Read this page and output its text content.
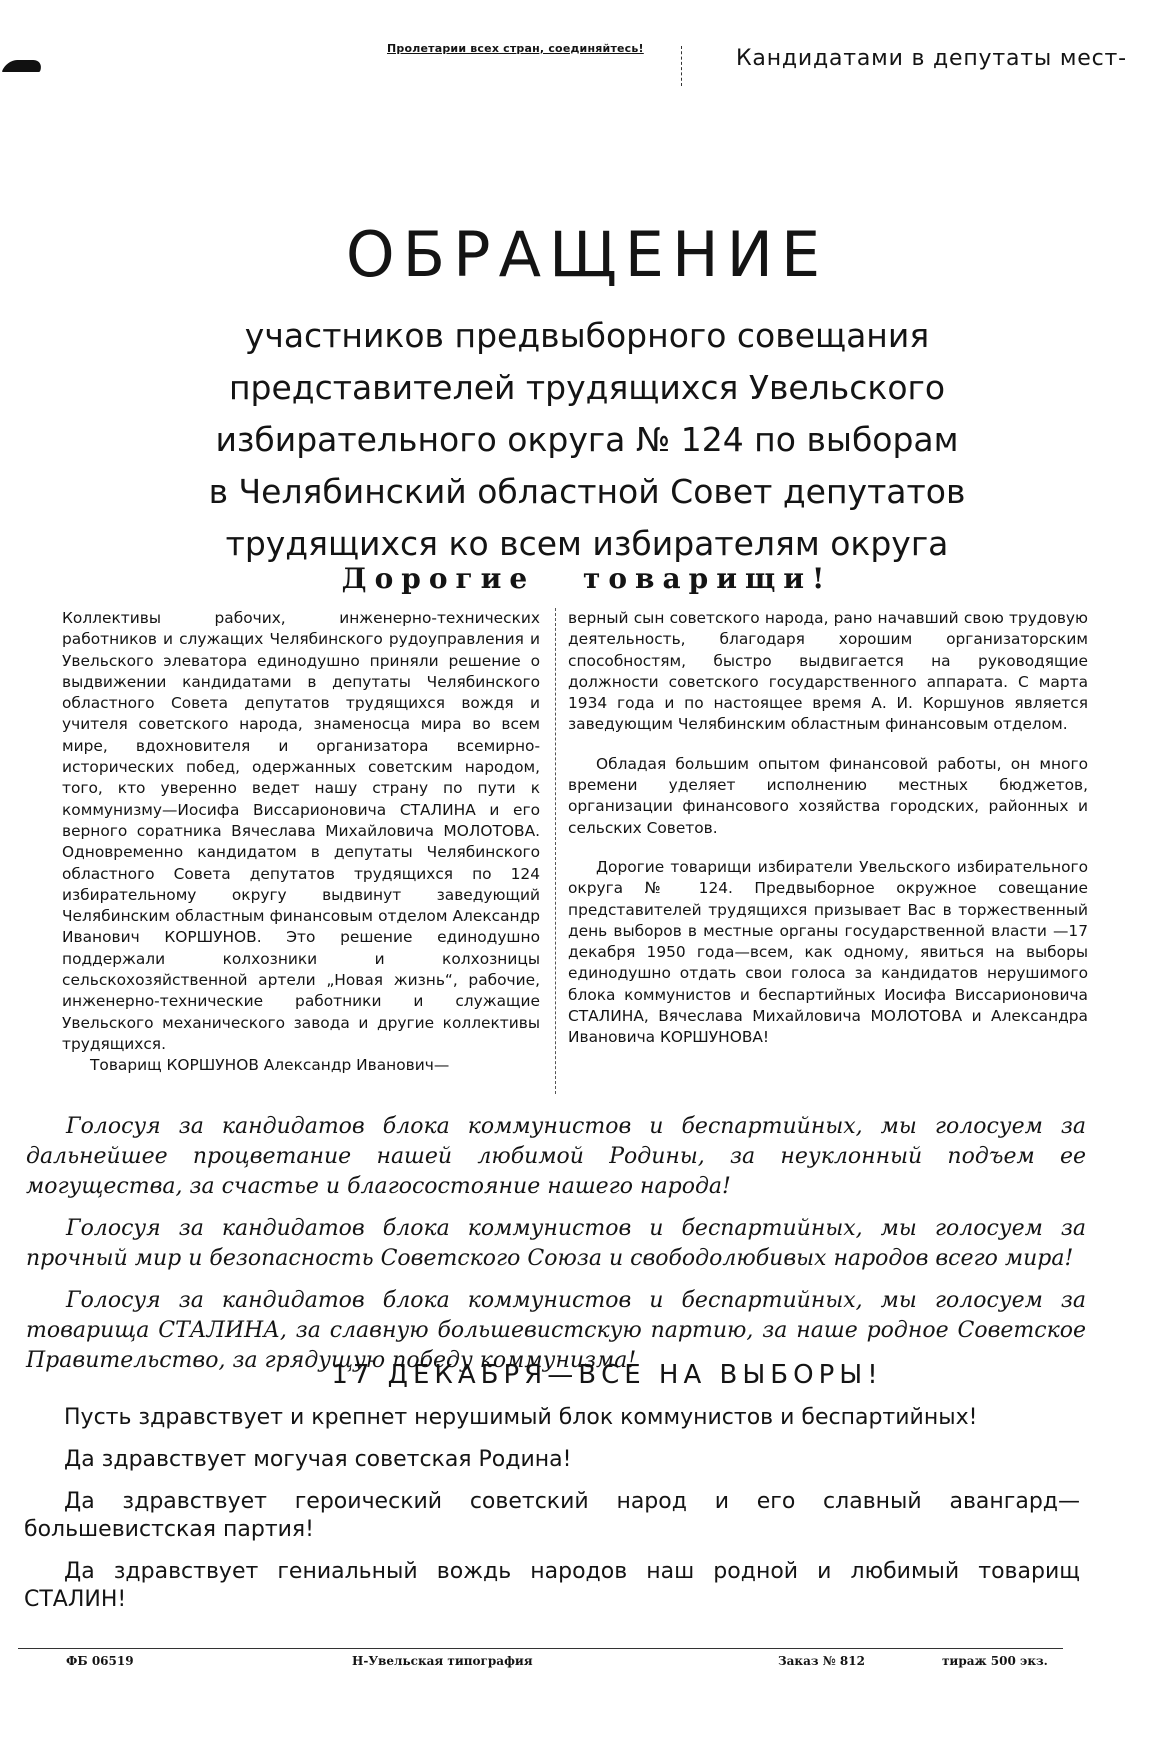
Пролетарии всех стран, соединяйтесь!	Кандидатами в депутаты мест-
ОБРАЩЕНИЕ
участников предвыборного совещания
представителей трудящихся Увельского
избирательного округа № 124 по выборам
в Челябинский областной Совет депутатов
трудящихся ко всем избирателям округа
Дорогие товарищи!

Коллективы рабочих, инженерно-технических работников и служащих Челябинского рудоуправления и Увельского элеватора единодушно приняли решение о выдвижении кандидатами в депутаты Челябинского областного Совета депутатов трудящихся вождя и учителя советского народа, знаменосца мира во всем мире, вдохновителя и организатора всемирно-исторических побед, одержанных советским народом, того, кто уверенно ведет нашу страну по пути к коммунизму—Иосифа Виссарионовича СТАЛИНА и его верного соратника Вячеслава Михайловича МОЛОТОВА. Одновременно кандидатом в депутаты Челябинского областного Совета депутатов трудящихся по 124 избирательному округу выдвинут заведующий Челябинским областным финансовым отделом Александр Иванович КОРШУНОВ. Это решение единодушно поддержали колхозники и колхозницы сельскохозяйственной артели „Новая жизнь“, рабочие, инженерно-технические работники и служащие Увельского механического завода и другие коллективы трудящихся.

Товарищ КОРШУНОВ Александр Иванович—

верный сын советского народа, рано начавший свою трудовую деятельность, благодаря хорошим организаторским способностям, быстро выдвигается на руководящие должности советского государственного аппарата. С марта 1934 года и по настоящее время А. И. Коршунов является заведующим Челябинским областным финансовым отделом.

Обладая большим опытом финансовой работы, он много времени уделяет исполнению местных бюджетов, организации финансового хозяйства городских, районных и сельских Советов.

Дорогие товарищи избиратели Увельского избирательного округа № 124. Предвыборное окружное совещание представителей трудящихся призывает Вас в торжественный день выборов в местные органы государственной власти —17 декабря 1950 года—всем, как одному, явиться на выборы единодушно отдать свои голоса за кандидатов нерушимого блока коммунистов и беспартийных Иосифа Виссарионовича СТАЛИНА, Вячеслава Михайловича МОЛОТОВА и Александра Ивановича КОРШУНОВА!

Голосуя за кандидатов блока коммунистов и беспартийных, мы голосуем за дальнейшее процветание нашей любимой Родины, за неуклонный подъем ее могущества, за счастье и благосостояние нашего народа!

Голосуя за кандидатов блока коммунистов и беспартийных, мы голосуем за прочный мир и безопасность Советского Союза и свободолюбивых народов всего мира!

Голосуя за кандидатов блока коммунистов и беспартийных, мы голосуем за товарища СТАЛИНА, за славную большевистскую партию, за наше родное Советское Правительство, за грядущую победу коммунизма!

17 ДЕКАБРЯ—ВСЕ НА ВЫБОРЫ!

Пусть здравствует и крепнет нерушимый блок коммунистов и беспартийных!

Да здравствует могучая советская Родина!

Да здравствует героический советский народ и его славный авангард—большевистская партия!

Да здравствует гениальный вождь народов наш родной и любимый товарищ СТАЛИН!

ФБ 06519	Н-Увельская типография	Заказ № 812	тираж 500 экз.
